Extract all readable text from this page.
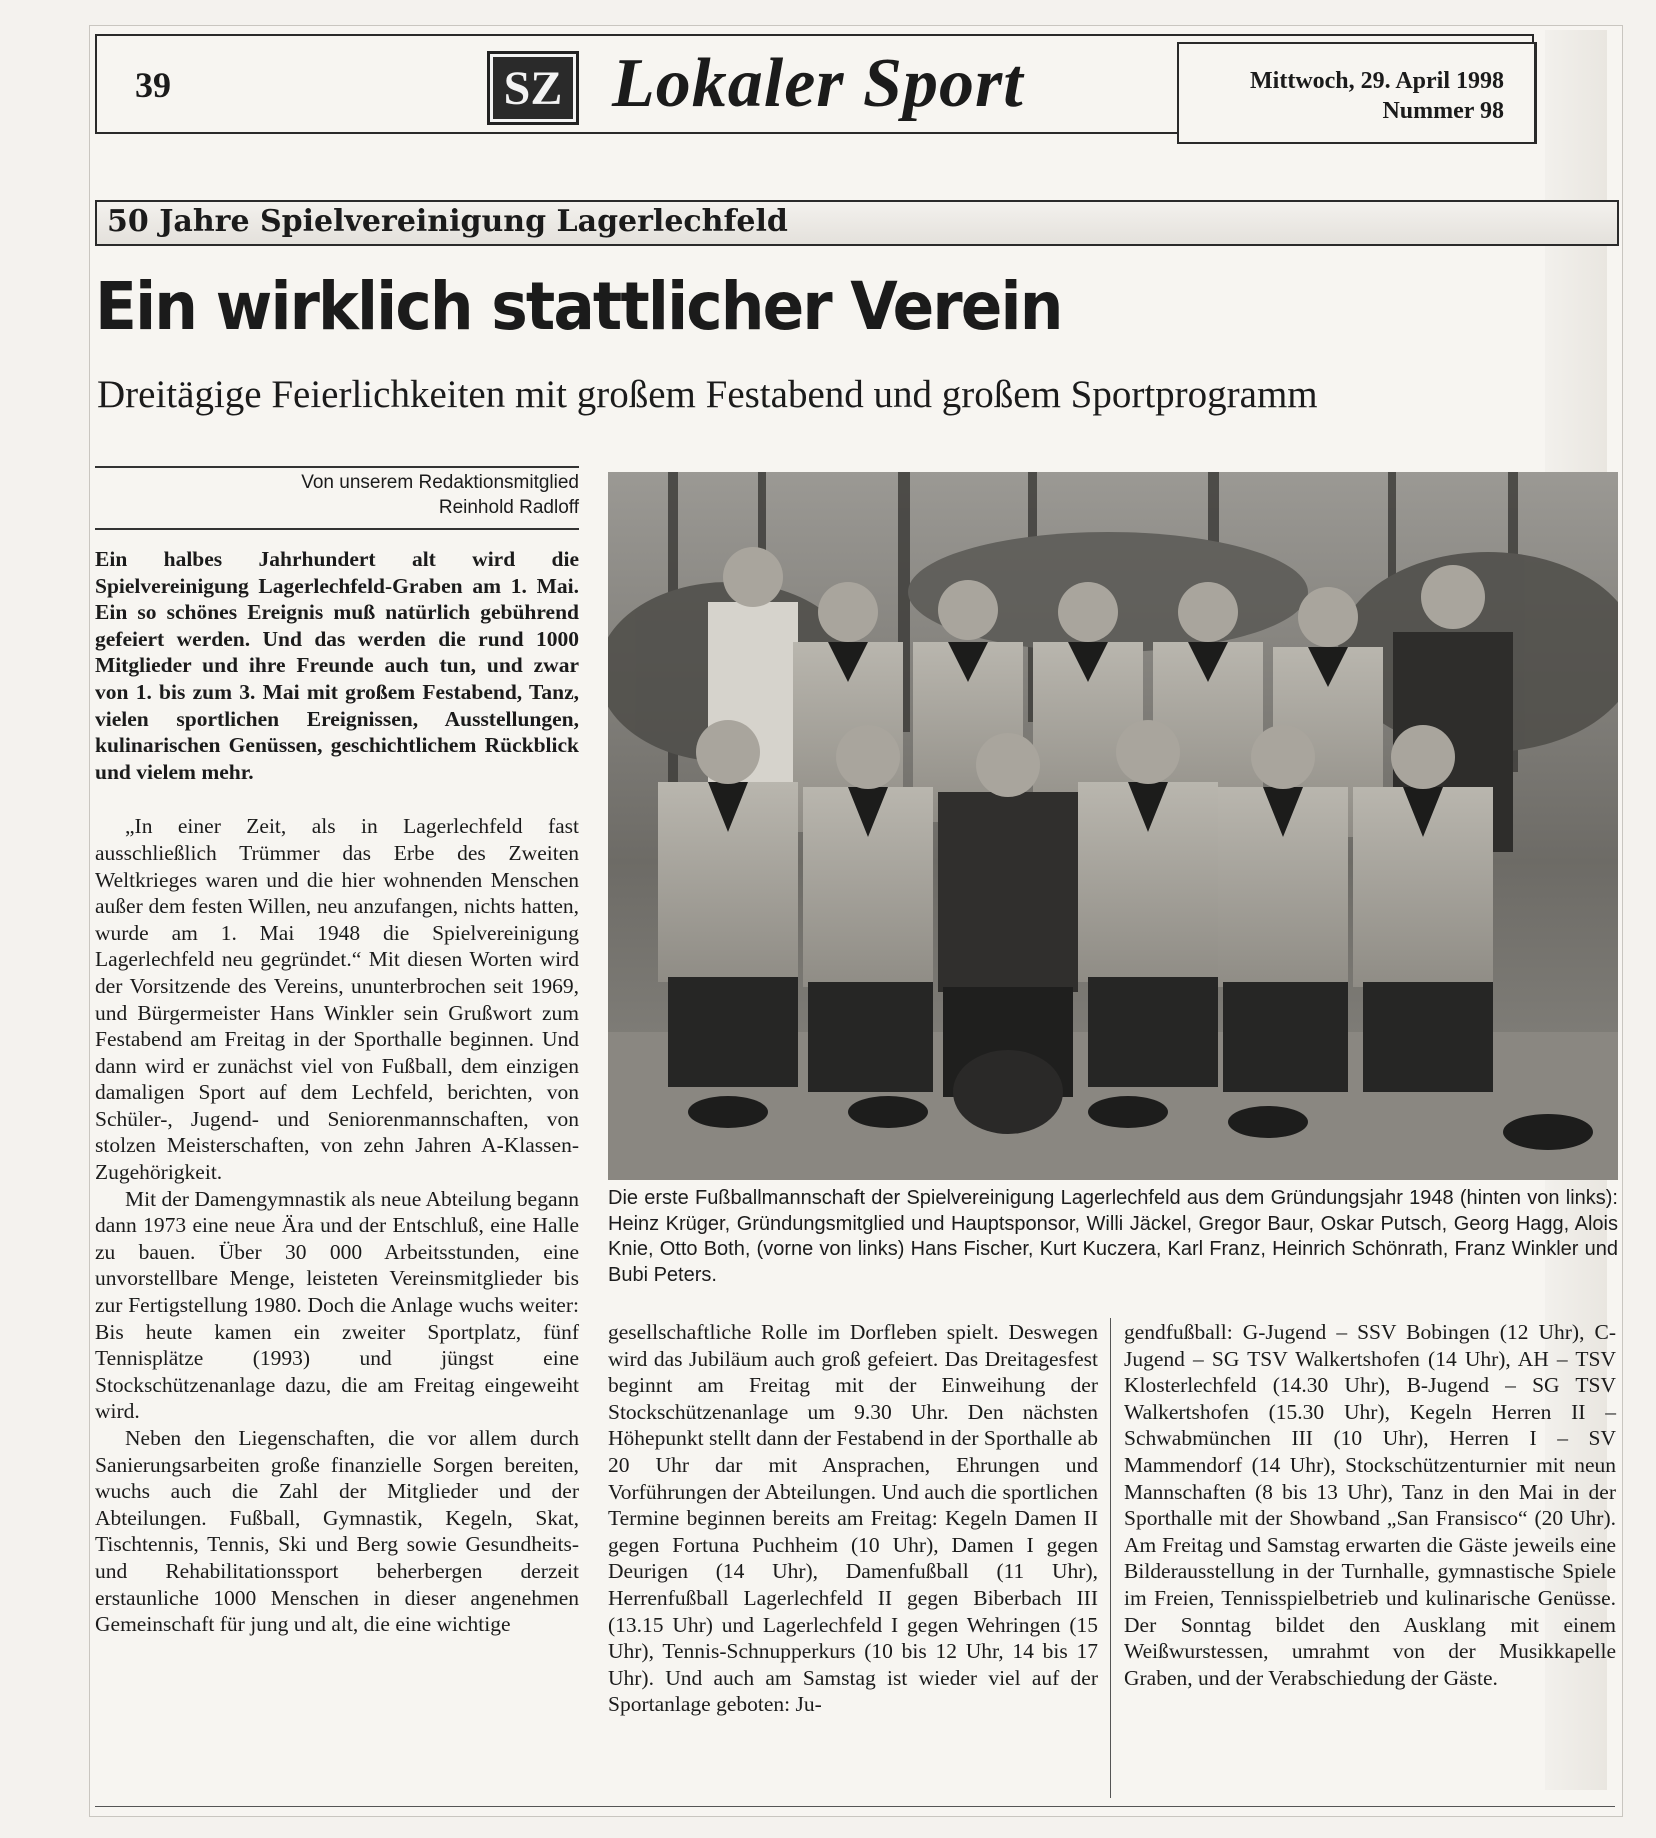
39	SZ Lokaler Sport	Mittwoch, 29. April 1998
Nummer 98
50 Jahre Spielvereinigung Lagerlechfeld
Ein wirklich stattlicher Verein
Dreitägige Feierlichkeiten mit großem Festabend und großem Sportprogramm
Von unserem Redaktionsmitglied
Reinhold Radloff

Ein halbes Jahrhundert alt wird die Spielvereinigung Lagerlechfeld-Graben am 1. Mai. Ein so schönes Ereignis muß natürlich gebührend gefeiert werden. Und das werden die rund 1000 Mitglieder und ihre Freunde auch tun, und zwar von 1. bis zum 3. Mai mit großem Festabend, Tanz, vielen sportlichen Ereignissen, Ausstellungen, kulinarischen Genüssen, geschichtlichem Rückblick und vielem mehr.

„In einer Zeit, als in Lagerlechfeld fast ausschließlich Trümmer das Erbe des Zweiten Weltkrieges waren und die hier wohnenden Menschen außer dem festen Willen, neu anzufangen, nichts hatten, wurde am 1. Mai 1948 die Spielvereinigung Lagerlechfeld neu gegründet.“ Mit diesen Worten wird der Vorsitzende des Vereins, ununterbrochen seit 1969, und Bürgermeister Hans Winkler sein Grußwort zum Festabend am Freitag in der Sporthalle beginnen. Und dann wird er zunächst viel von Fußball, dem einzigen damaligen Sport auf dem Lechfeld, berichten, von Schüler-, Jugend- und Seniorenmannschaften, von stolzen Meisterschaften, von zehn Jahren A-Klassen-Zugehörigkeit.

Mit der Damengymnastik als neue Abteilung begann dann 1973 eine neue Ära und der Entschluß, eine Halle zu bauen. Über 30 000 Arbeitsstunden, eine unvorstellbare Menge, leisteten Vereinsmitglieder bis zur Fertigstellung 1980. Doch die Anlage wuchs weiter: Bis heute kamen ein zweiter Sportplatz, fünf Tennisplätze (1993) und jüngst eine Stockschützenanlage dazu, die am Freitag eingeweiht wird.

Neben den Liegenschaften, die vor allem durch Sanierungsarbeiten große finanzielle Sorgen bereiten, wuchs auch die Zahl der Mitglieder und der Abteilungen. Fußball, Gymnastik, Kegeln, Skat, Tischtennis, Tennis, Ski und Berg sowie Gesundheits- und Rehabilitationssport beherbergen derzeit erstaunliche 1000 Menschen in dieser angenehmen Gemeinschaft für jung und alt, die eine wichtige

Die erste Fußballmannschaft der Spielvereinigung Lagerlechfeld aus dem Gründungsjahr 1948 (hinten von links): Heinz Krüger, Gründungsmitglied und Hauptsponsor, Willi Jäckel, Gregor Baur, Oskar Putsch, Georg Hagg, Alois Knie, Otto Both, (vorne von links) Hans Fischer, Kurt Kuczera, Karl Franz, Heinrich Schönrath, Franz Winkler und Bubi Peters.

gesellschaftliche Rolle im Dorfleben spielt. Deswegen wird das Jubiläum auch groß gefeiert. Das Dreitagesfest beginnt am Freitag mit der Einweihung der Stockschützenanlage um 9.30 Uhr. Den nächsten Höhepunkt stellt dann der Festabend in der Sporthalle ab 20 Uhr dar mit Ansprachen, Ehrungen und Vorführungen der Abteilungen. Und auch die sportlichen Termine beginnen bereits am Freitag: Kegeln Damen II gegen Fortuna Puchheim (10 Uhr), Damen I gegen Deurigen (14 Uhr), Damenfußball (11 Uhr), Herrenfußball Lagerlechfeld II gegen Biberbach III (13.15 Uhr) und Lagerlechfeld I gegen Wehringen (15 Uhr), Tennis-Schnupperkurs (10 bis 12 Uhr, 14 bis 17 Uhr). Und auch am Samstag ist wieder viel auf der Sportanlage geboten: Ju-

gendfußball: G-Jugend – SSV Bobingen (12 Uhr), C-Jugend – SG TSV Walkertshofen (14 Uhr), AH – TSV Klosterlechfeld (14.30 Uhr), B-Jugend – SG TSV Walkertshofen (15.30 Uhr), Kegeln Herren II – Schwabmünchen III (10 Uhr), Herren I – SV Mammendorf (14 Uhr), Stockschützenturnier mit neun Mannschaften (8 bis 13 Uhr), Tanz in den Mai in der Sporthalle mit der Showband „San Fransisco“ (20 Uhr). Am Freitag und Samstag erwarten die Gäste jeweils eine Bilderausstellung in der Turnhalle, gymnastische Spiele im Freien, Tennisspielbetrieb und kulinarische Genüsse. Der Sonntag bildet den Ausklang mit einem Weißwurstessen, umrahmt von der Musikkapelle Graben, und der Verabschiedung der Gäste.
